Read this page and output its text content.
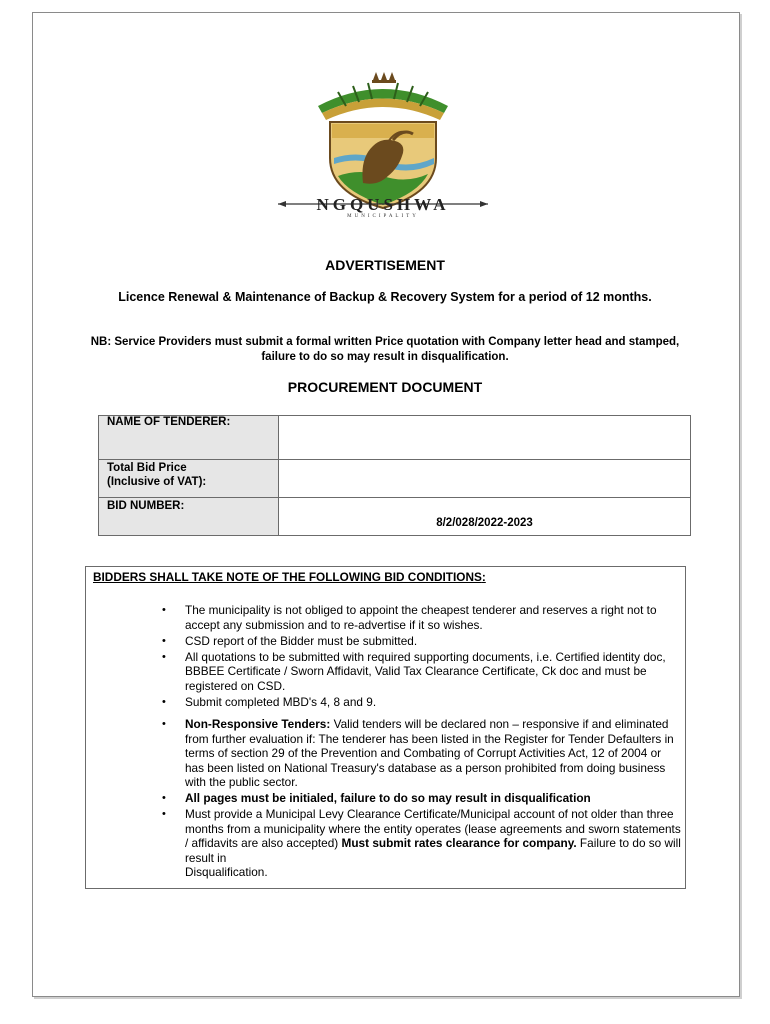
NGQUSHWA
MUNICIPALITY
ADVERTISEMENT
Licence Renewal & Maintenance of Backup & Recovery System for a period of 12 months.
NB: Service Providers must submit a formal written Price quotation with Company letter head and stamped, failure to do so may result in disqualification.
PROCUREMENT DOCUMENT
NAME OF TENDERER:	
Total Bid Price
(Inclusive of VAT):	
BID NUMBER:	8/2/028/2022-2023
BIDDERS SHALL TAKE NOTE OF THE FOLLOWING BID CONDITIONS:
• The municipality is not obliged to appoint the cheapest tenderer and reserves a right not to accept any submission and to re-advertise if it so wishes.
• CSD report of the Bidder must be submitted.
• All quotations to be submitted with required supporting documents, i.e. Certified identity doc, BBBEE Certificate / Sworn Affidavit, Valid Tax Clearance Certificate, Ck doc and must be registered on CSD.
• Submit completed MBD's 4, 8 and 9.
• Non-Responsive Tenders: Valid tenders will be declared non – responsive if and eliminated from further evaluation if: The tenderer has been listed in the Register for Tender Defaulters in terms of section 29 of the Prevention and Combating of Corrupt Activities Act, 12 of 2004 or has been listed on National Treasury's database as a person prohibited from doing business with the public sector.
• All pages must be initialed, failure to do so may result in disqualification
• Must provide a Municipal Levy Clearance Certificate/Municipal account of not older than three months from a municipality where the entity operates (lease agreements and sworn statements / affidavits are also accepted) Must submit rates clearance for company. Failure to do so will result in
Disqualification.
